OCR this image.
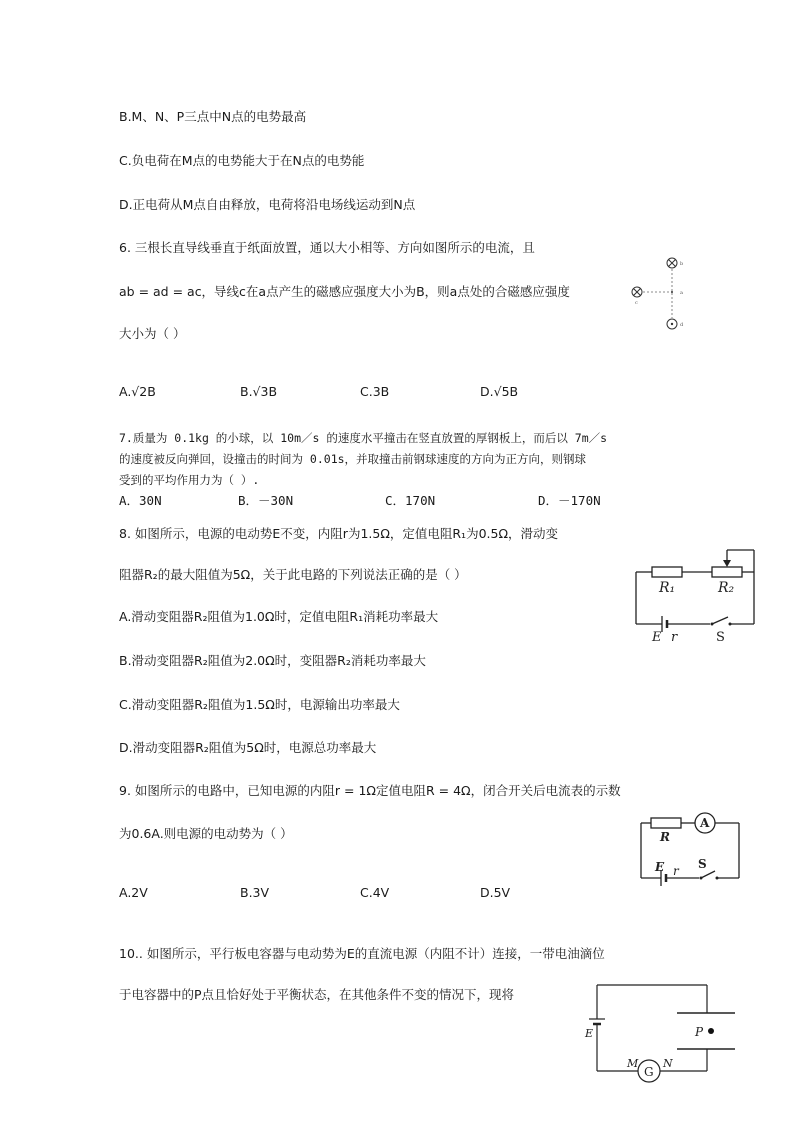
B.M、N、P三点中N点的电势最高
C.负电荷在M点的电势能大于在N点的电势能
D.正电荷从M点自由释放，电荷将沿电场线运动到N点
6. 三根长直导线垂直于纸面放置，通以大小相等、方向如图所示的电流，且
ab = ad = ac，导线c在a点产生的磁感应强度大小为B，则a点处的合磁感应强度
大小为（ ）
A.√2B	B.√3B	C.3B	D.√5B
b
c
d
a
7.质量为 0.1kg 的小球，以 10m／s 的速度水平撞击在竖直放置的厚钢板上，而后以 7m／s
的速度被反向弹回，设撞击的时间为 0.01s，并取撞击前钢球速度的方向为正方向，则钢球
受到的平均作用力为（ ）.
A．30N	B．－30N	C．170N	D．－170N
8. 如图所示，电源的电动势E不变，内阻r为1.5Ω，定值电阻R₁为0.5Ω，滑动变
阻器R₂的最大阻值为5Ω，关于此电路的下列说法正确的是（ ）
A.滑动变阻器R₂阻值为1.0Ω时，定值电阻R₁消耗功率最大
B.滑动变阻器R₂阻值为2.0Ω时，变阻器R₂消耗功率最大
C.滑动变阻器R₂阻值为1.5Ω时，电源输出功率最大
D.滑动变阻器R₂阻值为5Ω时，电源总功率最大
R₁	R₂
E r	S
9. 如图所示的电路中，已知电源的内阻r = 1Ω定值电阻R = 4Ω，闭合开关后电流表的示数
为0.6A.则电源的电动势为（ ）
A.2V	B.3V	C.4V	D.5V
A
R
E r S
10.. 如图所示，平行板电容器与电动势为E的直流电源（内阻不计）连接，一带电油滴位
于电容器中的P点且恰好处于平衡状态，在其他条件不变的情况下，现将
E	P
G
M N
